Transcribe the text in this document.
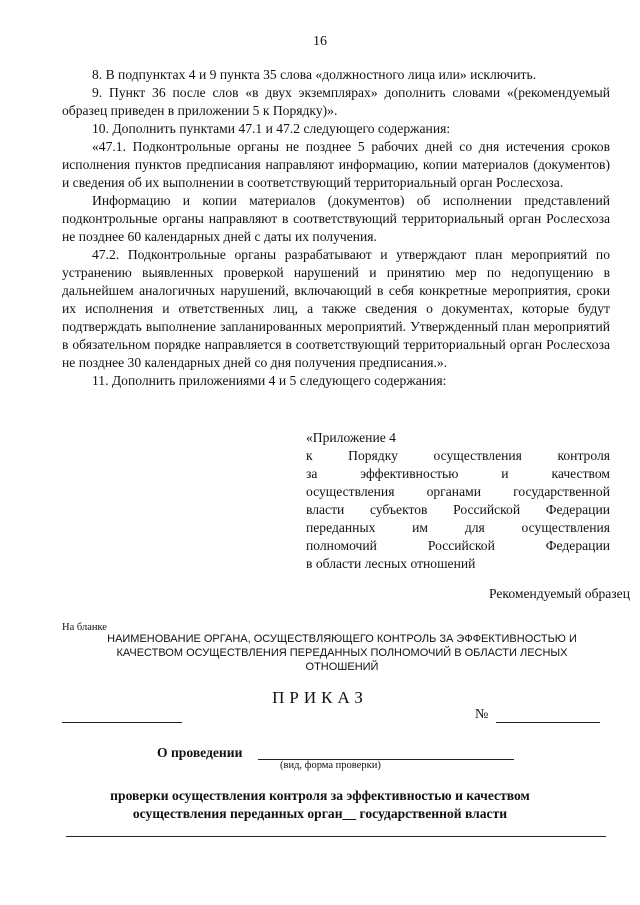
16

8. В подпунктах 4 и 9 пункта 35 слова «должностного лица или» исключить.

9. Пункт 36 после слов «в двух экземплярах» дополнить словами «(рекомендуемый образец приведен в приложении 5 к Порядку)».

10. Дополнить пунктами 47.1 и 47.2 следующего содержания:

«47.1. Подконтрольные органы не позднее 5 рабочих дней со дня истечения сроков исполнения пунктов предписания направляют информацию, копии материалов (документов) и сведения об их выполнении в соответствующий территориальный орган Рослесхоза.

Информацию и копии материалов (документов) об исполнении представлений подконтрольные органы направляют в соответствующий территориальный орган Рослесхоза не позднее 60 календарных дней с даты их получения.

47.2. Подконтрольные органы разрабатывают и утверждают план мероприятий по устранению выявленных проверкой нарушений и принятию мер по недопущению в дальнейшем аналогичных нарушений, включающий в себя конкретные мероприятия, сроки их исполнения и ответственных лиц, а также сведения о документах, которые будут подтверждать выполнение запланированных мероприятий. Утвержденный план мероприятий в обязательном порядке направляется в соответствующий территориальный орган Рослесхоза не позднее 30 календарных дней со дня получения предписания.».

11. Дополнить приложениями 4 и 5 следующего содержания:

«Приложение 4

к Порядку осуществления контроля

за эффективностью и качеством

осуществления органами государственной

власти субъектов Российской Федерации

переданных им для осуществления

полномочий Российской Федерации

в области лесных отношений

Рекомендуемый образец
На бланке
НАИМЕНОВАНИЕ ОРГАНА, ОСУЩЕСТВЛЯЮЩЕГО КОНТРОЛЬ ЗА ЭФФЕКТИВНОСТЬЮ И
КАЧЕСТВОМ ОСУЩЕСТВЛЕНИЯ ПЕРЕДАННЫХ ПОЛНОМОЧИЙ В ОБЛАСТИ ЛЕСНЫХ
ОТНОШЕНИЙ
ПРИКАЗ
№
О проведении
(вид, форма проверки)
проверки осуществления контроля за эффективностью и качеством
осуществления переданных орган__ государственной власти
